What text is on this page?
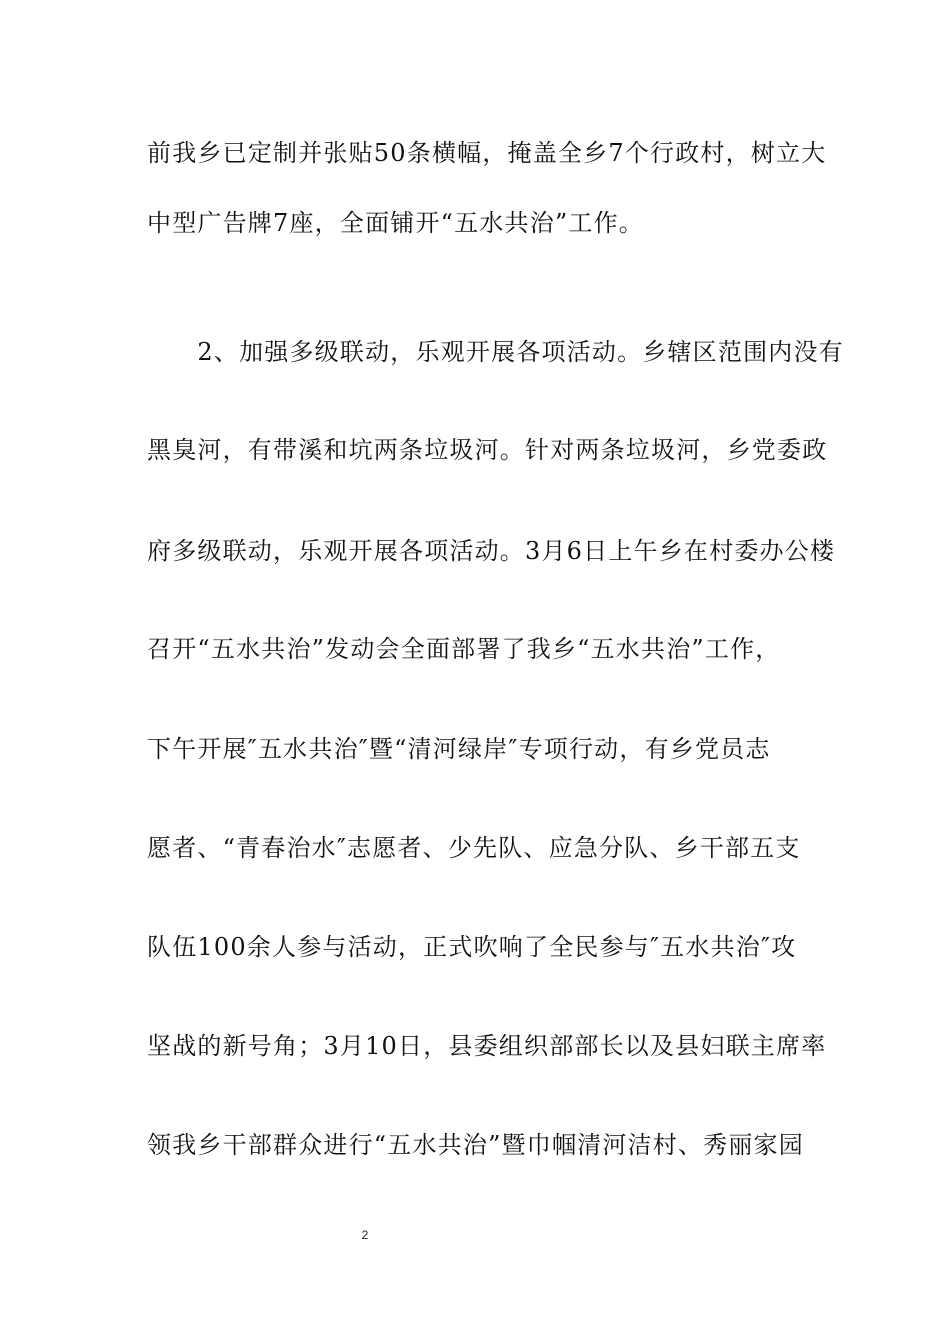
前我乡已定制并张贴50条横幅，掩盖全乡7个行政村，树立大
中型广告牌7座，全面铺开“五水共治”工作。
　　2、加强多级联动，乐观开展各项活动。乡辖区范围内没有
黑臭河，有带溪和坑两条垃圾河。针对两条垃圾河，乡党委政
府多级联动，乐观开展各项活动。3月6日上午乡在村委办公楼
召开“五水共治”发动会全面部署了我乡“五水共治”工作，
下午开展″五水共治″暨“清河绿岸″专项行动，有乡党员志
愿者、“青春治水″志愿者、少先队、应急分队、乡干部五支
队伍100余人参与活动，正式吹响了全民参与″五水共治″攻
坚战的新号角；3月10日，县委组织部部长以及县妇联主席率
领我乡干部群众进行“五水共治”暨巾帼清河洁村、秀丽家园
2
